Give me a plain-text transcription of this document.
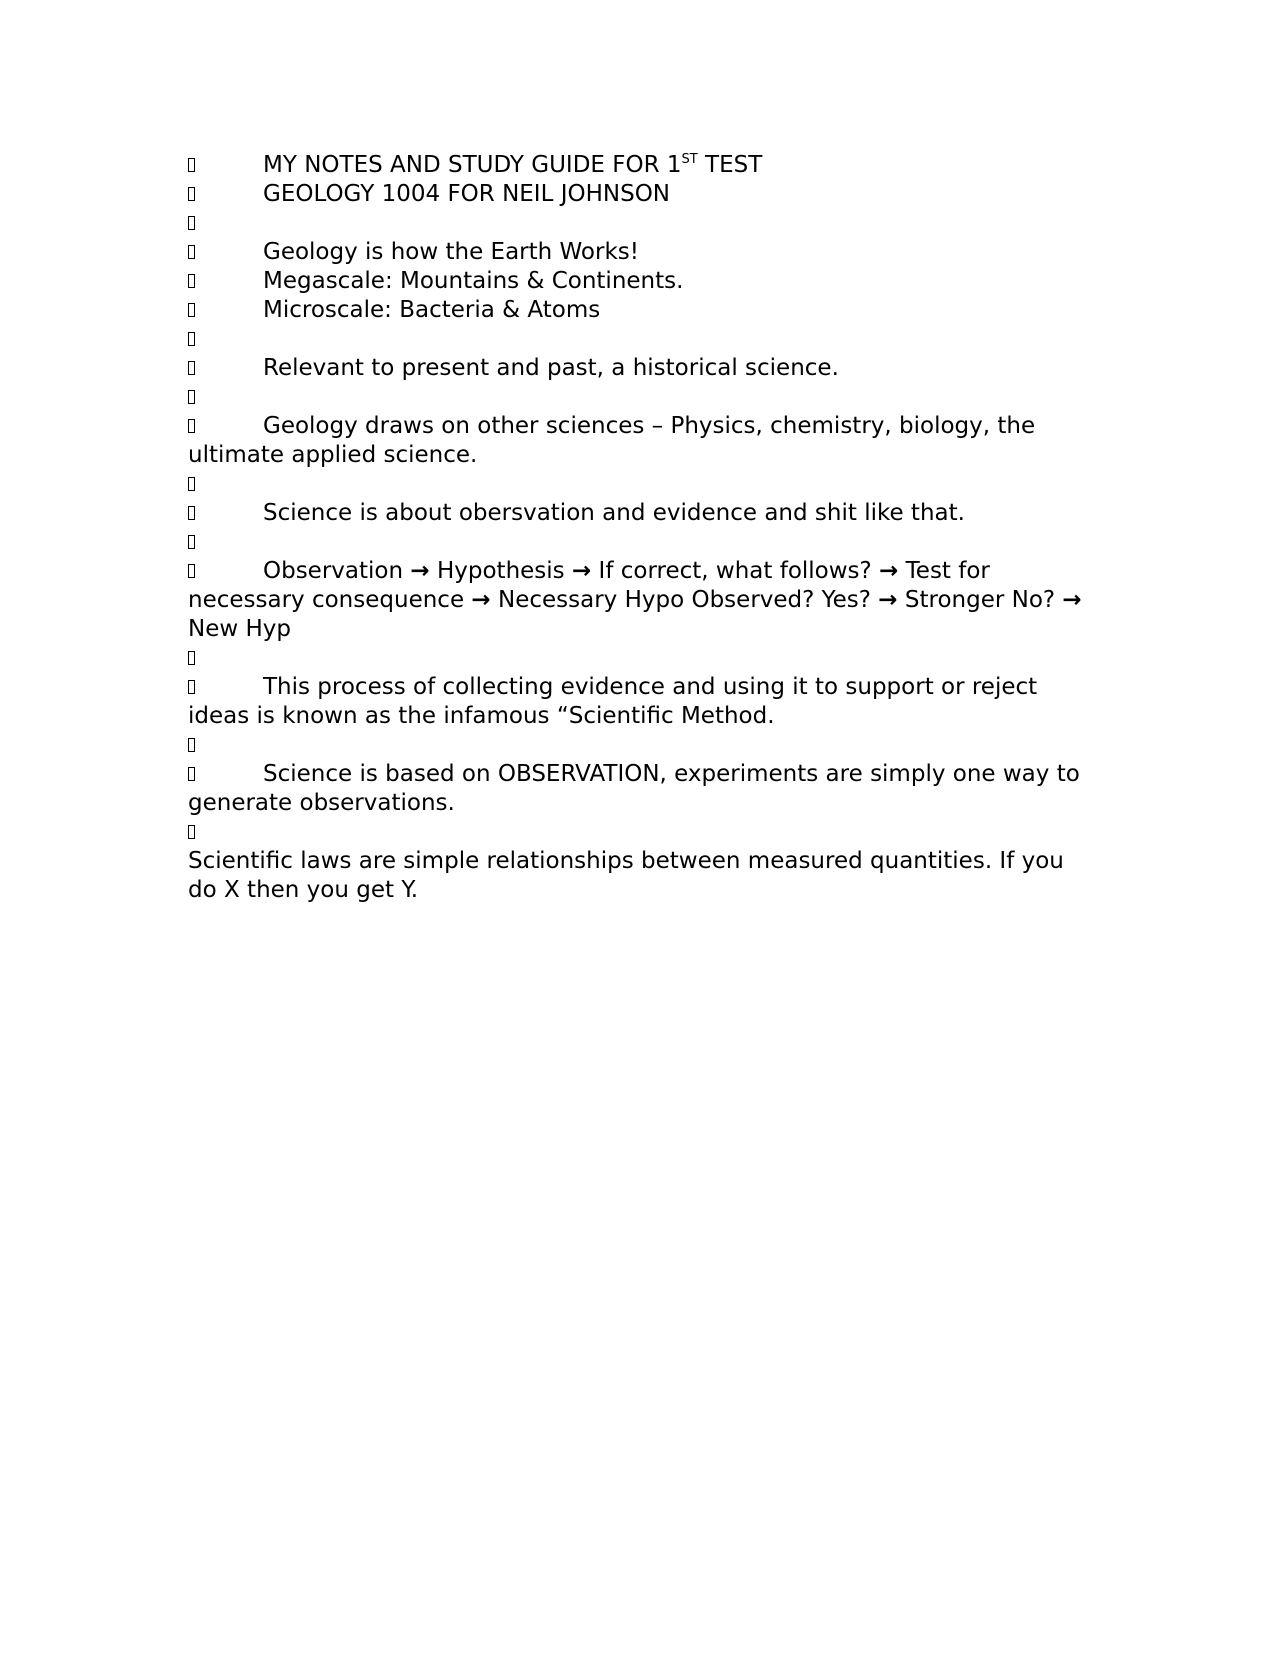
MY NOTES AND STUDY GUIDE FOR 1ST TEST
GEOLOGY 1004 FOR NEIL JOHNSON
Geology is how the Earth Works!
Megascale: Mountains & Continents.
Microscale: Bacteria & Atoms
Relevant to present and past, a historical science.
Geology draws on other sciences – Physics, chemistry, biology, the ultimate applied science.
Science is about obersvation and evidence and shit like that.
Observation → Hypothesis → If correct, what follows? → Test for necessary consequence → Necessary Hypo Observed? Yes? → Stronger No? → New Hyp
This process of collecting evidence and using it to support or reject ideas is known as the infamous “Scientific Method.
Science is based on OBSERVATION, experiments are simply one way to generate observations.
Scientific laws are simple relationships between measured quantities. If you do X then you get Y.
